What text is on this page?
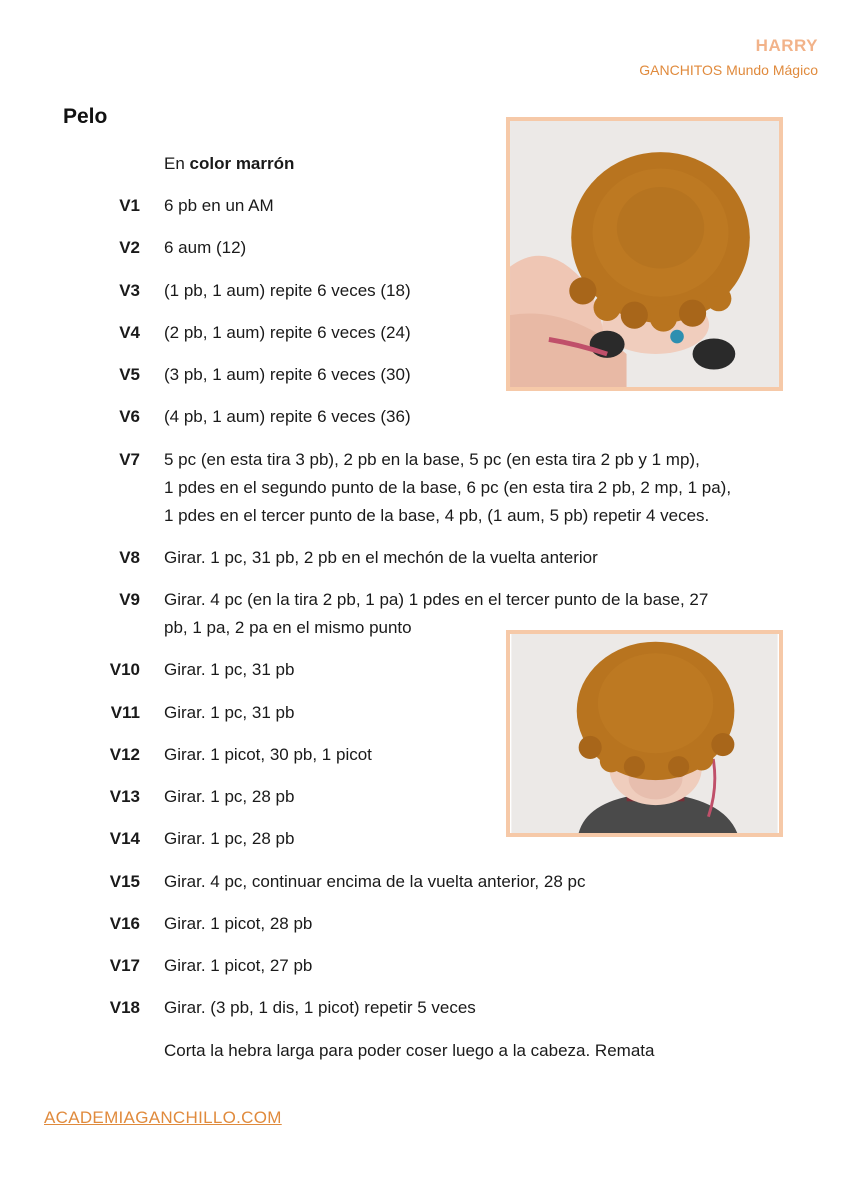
HARRY
GANCHITOS Mundo Mágico
Pelo
En color marrón
V1 6 pb en un AM
V2 6 aum (12)
V3 (1 pb, 1 aum) repite 6 veces (18)
V4 (2 pb, 1 aum) repite 6 veces (24)
V5 (3 pb, 1 aum) repite 6 veces (30)
V6 (4 pb, 1 aum) repite 6 veces (36)
V7 5 pc (en esta tira 3 pb), 2 pb en la base, 5 pc (en esta tira 2 pb y 1 mp),
1 pdes en el segundo punto de la base, 6 pc (en esta tira 2 pb, 2 mp, 1 pa),
1 pdes en el tercer punto de la base, 4 pb, (1 aum, 5 pb) repetir 4 veces.
V8 Girar. 1 pc, 31 pb, 2 pb en el mechón de la vuelta anterior
V9 Girar. 4 pc (en la tira 2 pb, 1 pa) 1 pdes en el tercer punto de la base, 27
pb, 1 pa, 2 pa en el mismo punto
V10 Girar. 1 pc, 31 pb
V11 Girar. 1 pc, 31 pb
V12 Girar. 1 picot, 30 pb, 1 picot
V13 Girar. 1 pc, 28 pb
V14 Girar. 1 pc, 28 pb
V15 Girar. 4 pc, continuar encima de la vuelta anterior, 28 pc
V16 Girar. 1 picot, 28 pb
V17 Girar. 1 picot, 27 pb
V18 Girar. (3 pb, 1 dis, 1 picot) repetir 5 veces
Corta la hebra larga para poder coser luego a la cabeza. Remata
ACADEMIAGANCHILLO.COM
